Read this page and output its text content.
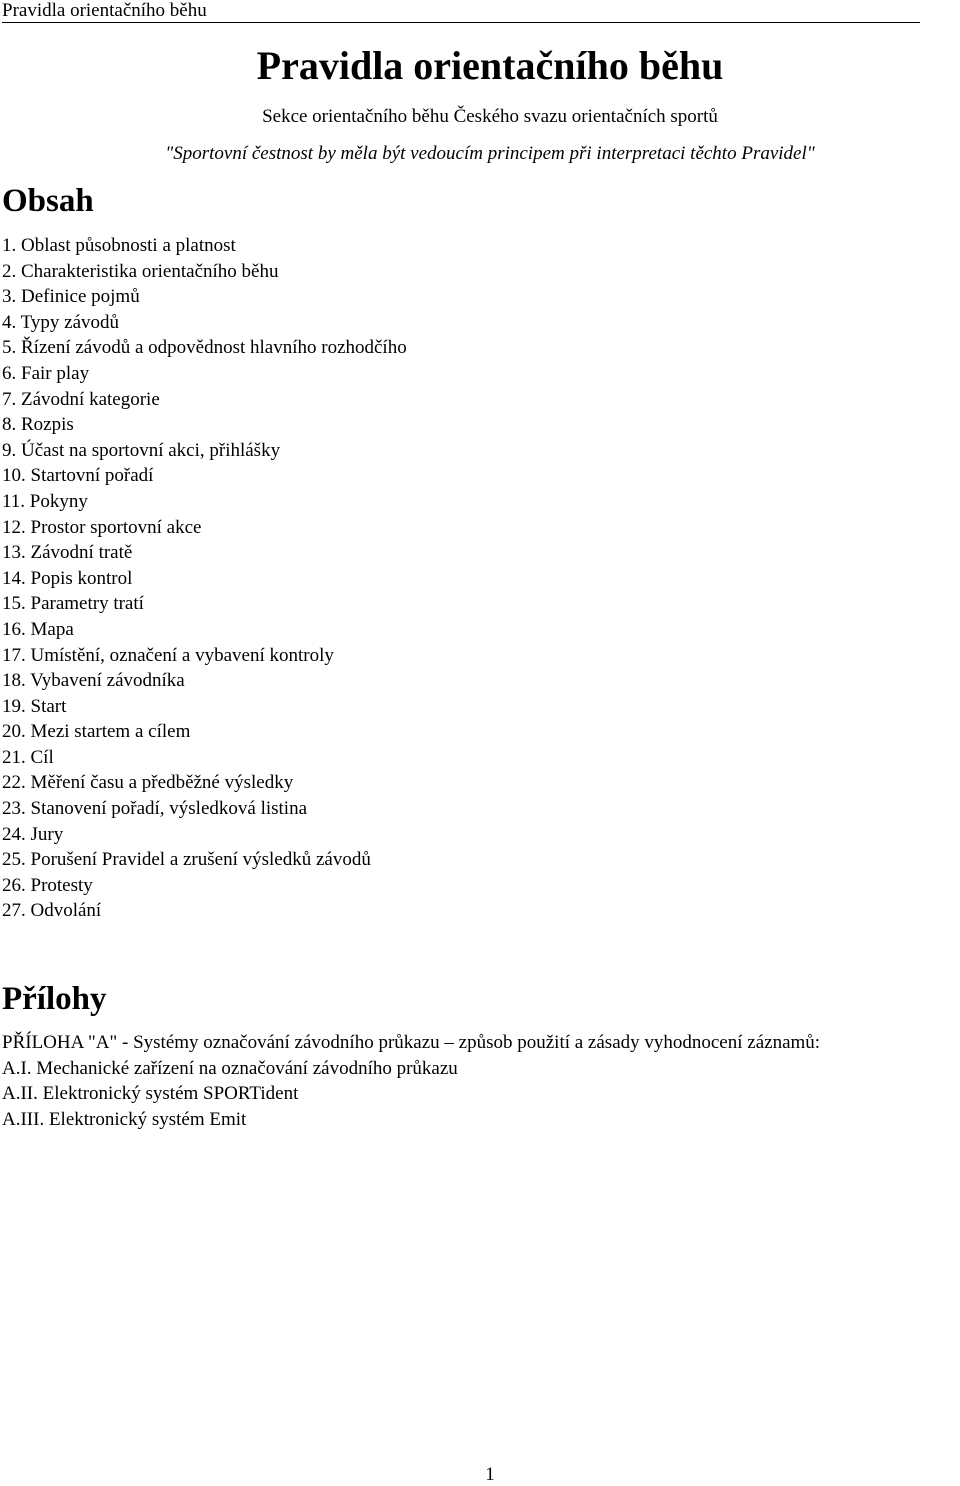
Pravidla orientačního běhu
Pravidla orientačního běhu
Sekce orientačního běhu Českého svazu orientačních sportů
"Sportovní čestnost by měla být vedoucím principem při interpretaci těchto Pravidel"
Obsah
1. Oblast působnosti a platnost
2. Charakteristika orientačního běhu
3. Definice pojmů
4. Typy závodů
5. Řízení závodů a odpovědnost hlavního rozhodčího
6. Fair play
7. Závodní kategorie
8. Rozpis
9. Účast na sportovní akci, přihlášky
10. Startovní pořadí
11. Pokyny
12. Prostor sportovní akce
13. Závodní tratě
14. Popis kontrol
15. Parametry tratí
16. Mapa
17. Umístění, označení a vybavení kontroly
18. Vybavení závodníka
19. Start
20. Mezi startem a cílem
21. Cíl
22. Měření času a předběžné výsledky
23. Stanovení pořadí, výsledková listina
24. Jury
25. Porušení Pravidel a zrušení výsledků závodů
26. Protesty
27. Odvolání
Přílohy
PŘÍLOHA "A" - Systémy označování závodního průkazu – způsob použití a zásady vyhodnocení záznamů:
A.I. Mechanické zařízení na označování závodního průkazu
A.II. Elektronický systém SPORTident
A.III. Elektronický systém Emit
1
